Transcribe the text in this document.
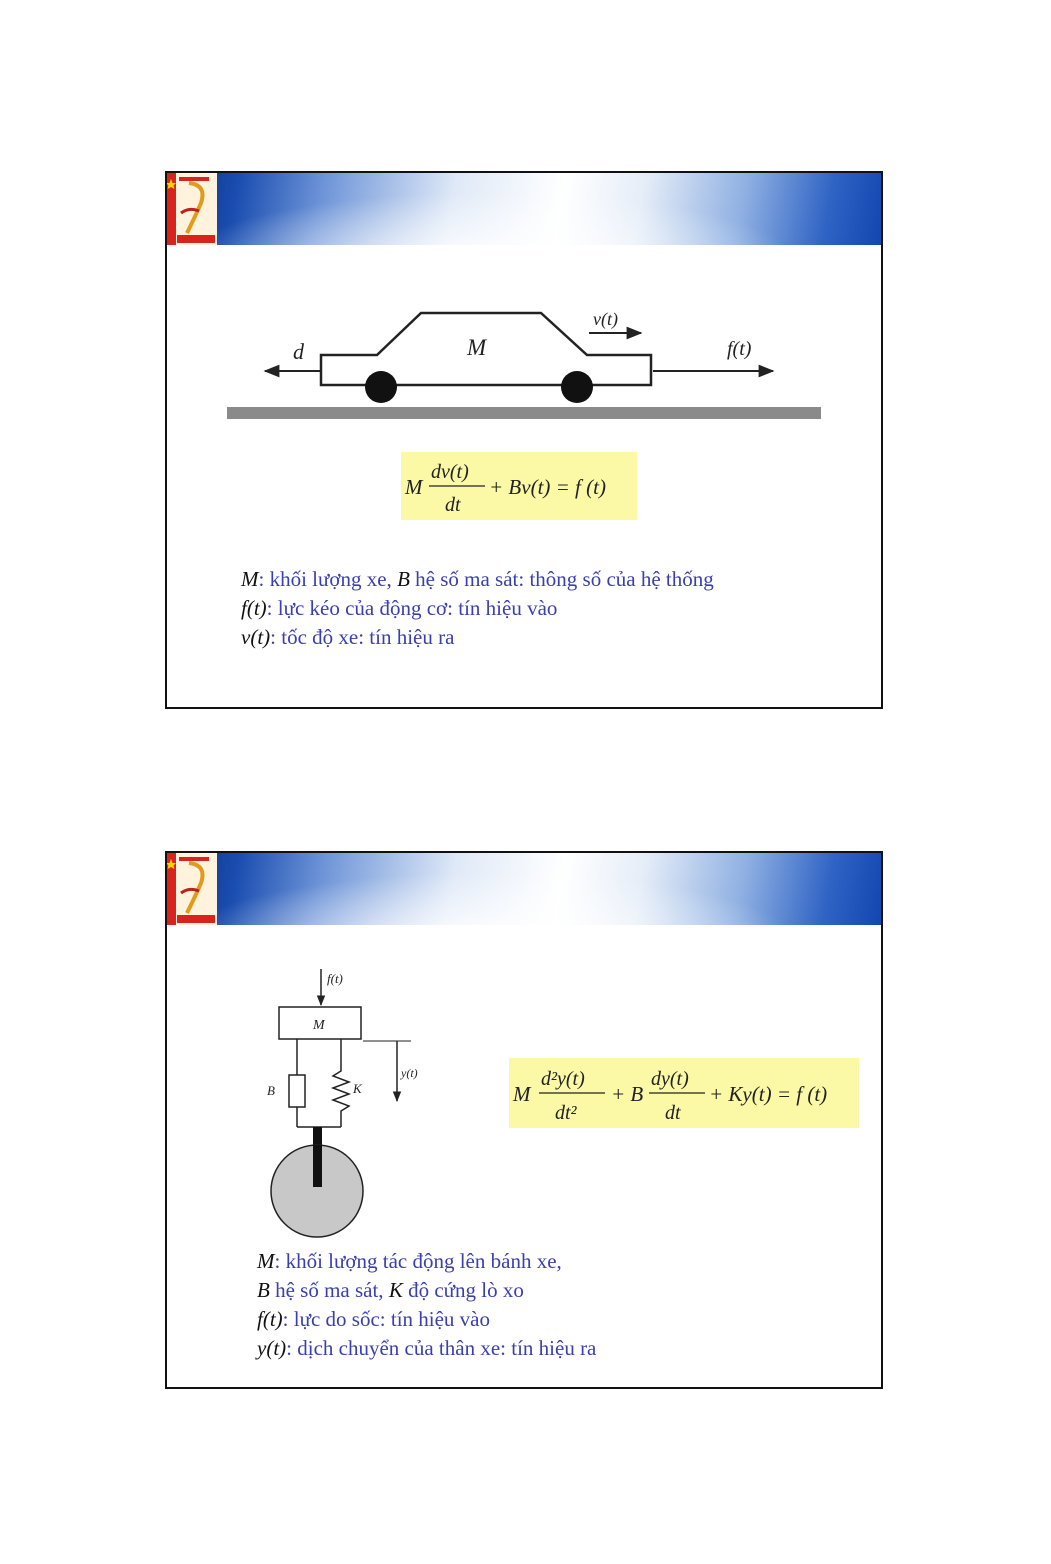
d	M
v(t)
f(t)
M
dv(t)
dt
+ Bv(t) = f (t)
M: khối lượng xe, B hệ số ma sát: thông số của hệ thống
f(t): lực kéo của động cơ: tín hiệu vào
v(t): tốc độ xe: tín hiệu ra
f(t)
M
B	K
y(t)
M
d²y(t)
dt²
+ B
dy(t)
dt
+ Ky(t) = f (t)
M: khối lượng tác động lên bánh xe,
B hệ số ma sát, K độ cứng lò xo
f(t): lực do sốc: tín hiệu vào
y(t): dịch chuyển của thân xe: tín hiệu ra
